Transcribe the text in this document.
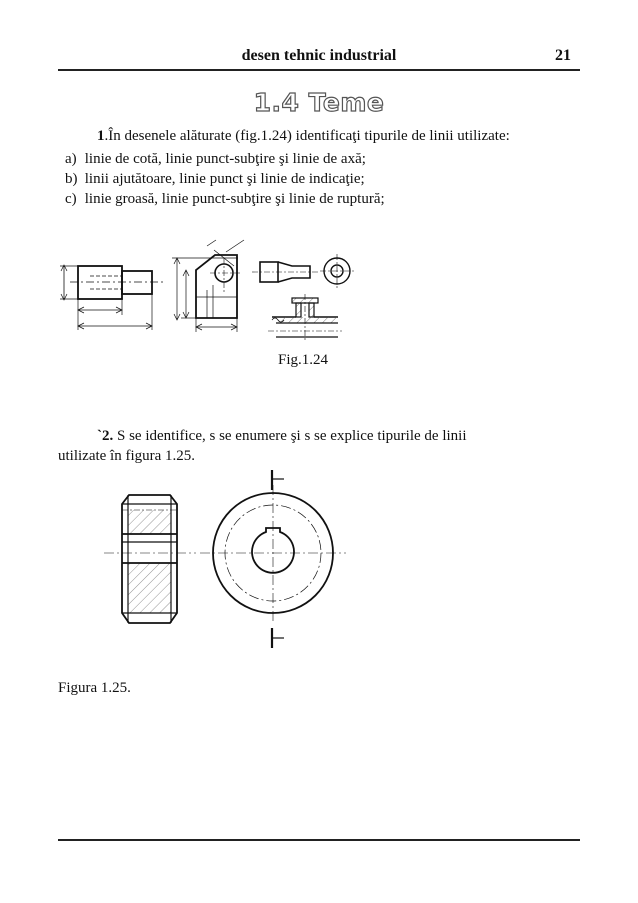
desen tehnic industrial	21
1.4 Teme
1.În desenele alăturate (fig.1.24) identificaţi tipurile de linii utilizate:
a) linie de cotă, linie punct-subţire şi linie de axă;
b) linii ajutătoare, linie punct şi linie de indicaţie;
c) linie groasă, linie punct-subţire şi linie de ruptură;
Fig.1.24
`2. S se identifice, s se enumere şi s se explice tipurile de linii
utilizate în figura 1.25.
Figura 1.25.
